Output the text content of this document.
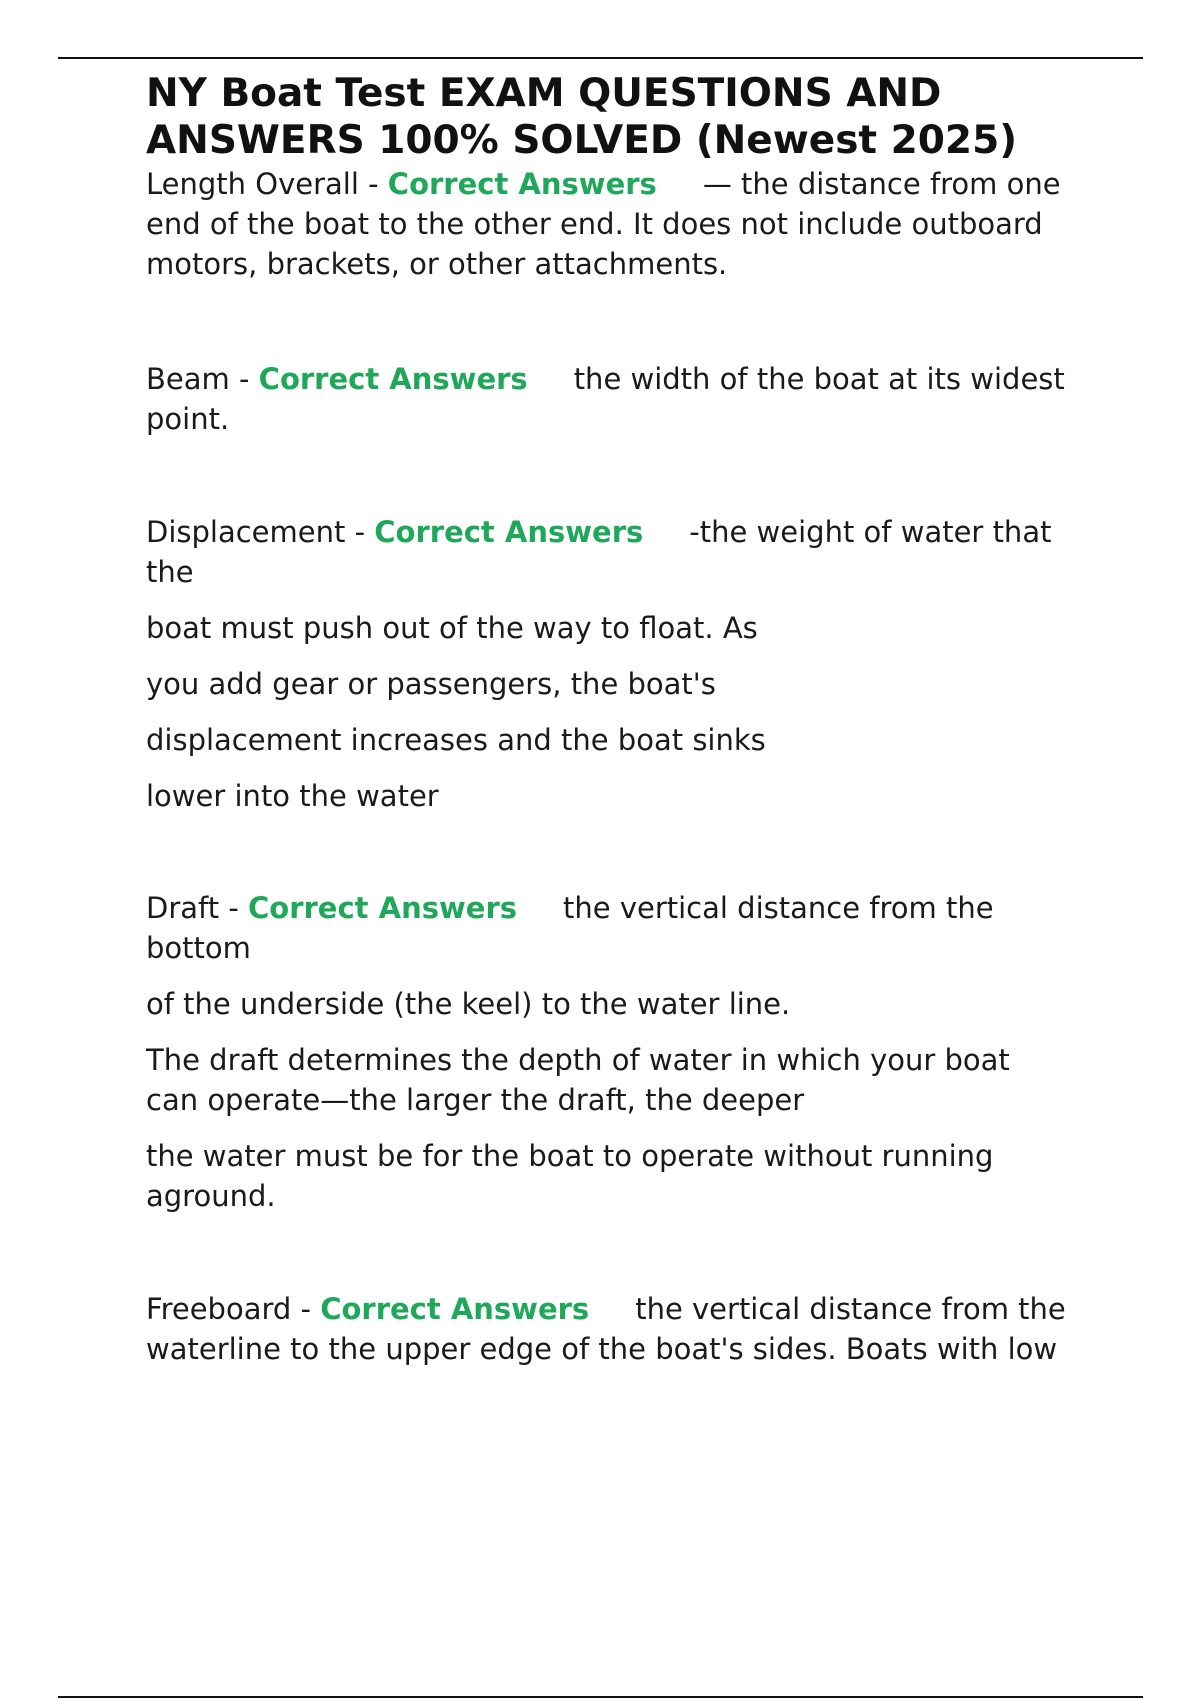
NY Boat Test EXAM QUESTIONS AND ANSWERS 100% SOLVED (Newest 2025)

Length Overall - Correct Answers — the distance from one end of the boat to the other end. It does not include outboard motors, brackets, or other attachments.

Beam - Correct Answers the width of the boat at its widest point.

Displacement - Correct Answers -the weight of water that the

boat must push out of the way to float. As

you add gear or passengers, the boat's

displacement increases and the boat sinks

lower into the water

Draft - Correct Answers the vertical distance from the bottom

of the underside (the keel) to the water line.

The draft determines the depth of water in which your boat can operate—the larger the draft, the deeper

the water must be for the boat to operate without running aground.

Freeboard - Correct Answers the vertical distance from the waterline to the upper edge of the boat's sides. Boats with low
